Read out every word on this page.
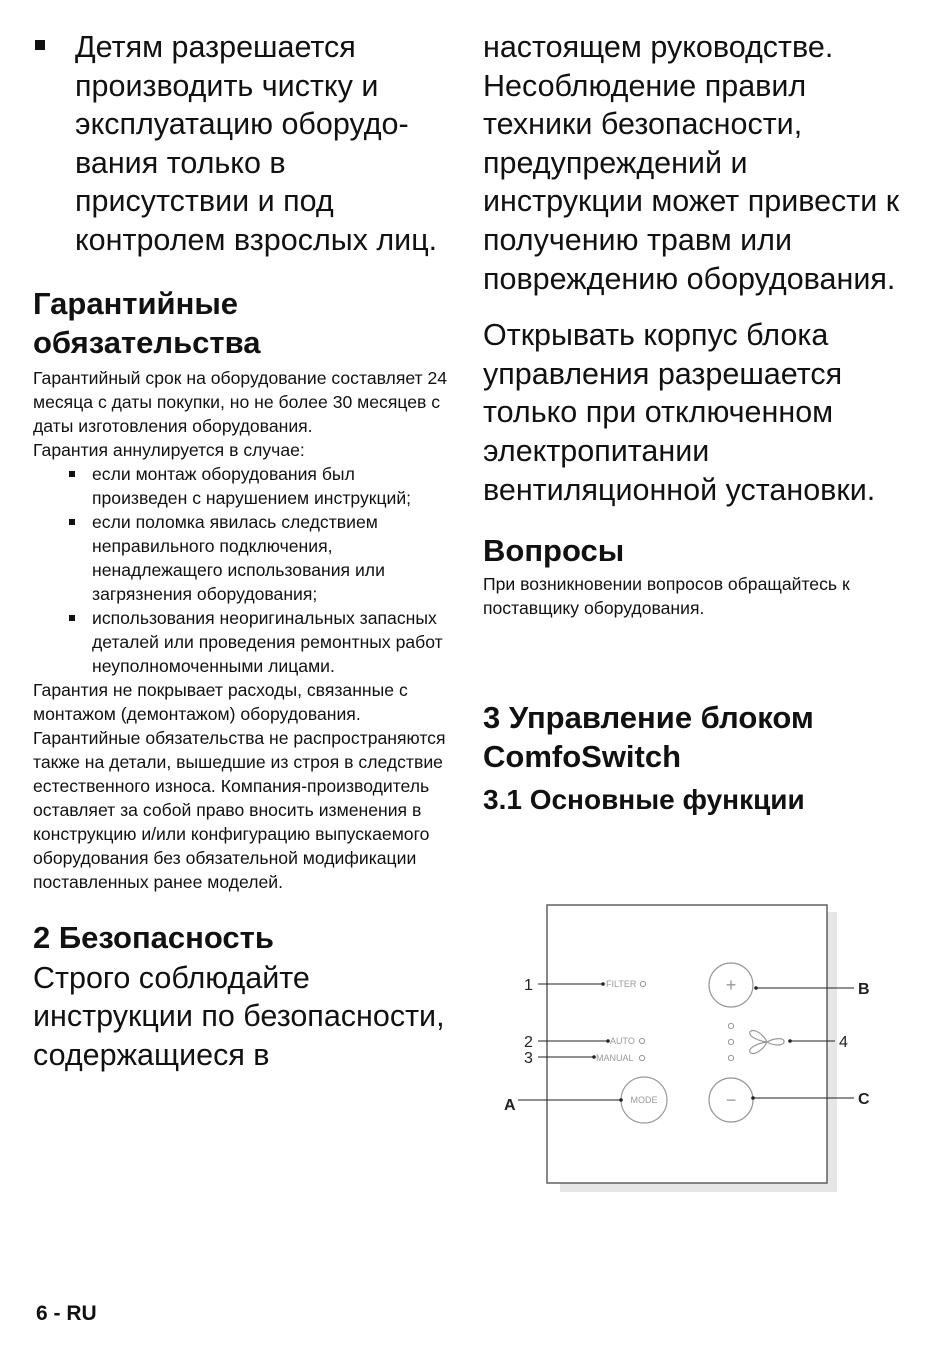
Детям разрешается производить чистку и эксплуатацию оборудо-вания только в присутствии и под контролем взрослых лиц.

Гарантийные обязательства

Гарантийный срок на оборудование составляет 24 месяца с даты покупки, но не более 30 месяцев с даты изготовления оборудования.

Гарантия аннулируется в случае:

если монтаж оборудования был произведен с нарушением инструкций;
если поломка явилась следствием неправильного подключения, ненадлежащего использования или загрязнения оборудования;
использования неоригинальных запасных деталей или проведения ремонтных работ неуполномоченными лицами.

Гарантия не покрывает расходы, связанные с монтажом (демонтажом) оборудования. Гарантийные обязательства не распространяются также на детали, вышедшие из строя в следствие естественного износа. Компания-производитель оставляет за собой право вносить изменения в конструкцию и/или конфигурацию выпускаемого оборудования без обязательной модификации поставленных ранее моделей.

2 Безопасность

Строго соблюдайте инструкции по безопасности, содержащиеся в

настоящем руководстве. Несоблюдение правил техники безопасности, предупреждений и инструкции может привести к получению травм или повреждению оборудования.

Открывать корпус блока управления разрешается только при отключенном электропитании вентиляционной установки.

Вопросы

При возникновении вопросов обращайтесь к поставщику оборудования.

3 Управление блоком ComfoSwitch
3.1 Основные функции
FILTER
AUTO
MANUAL
MODE
+
−
1
2
3
A
B
4
C
6 - RU
